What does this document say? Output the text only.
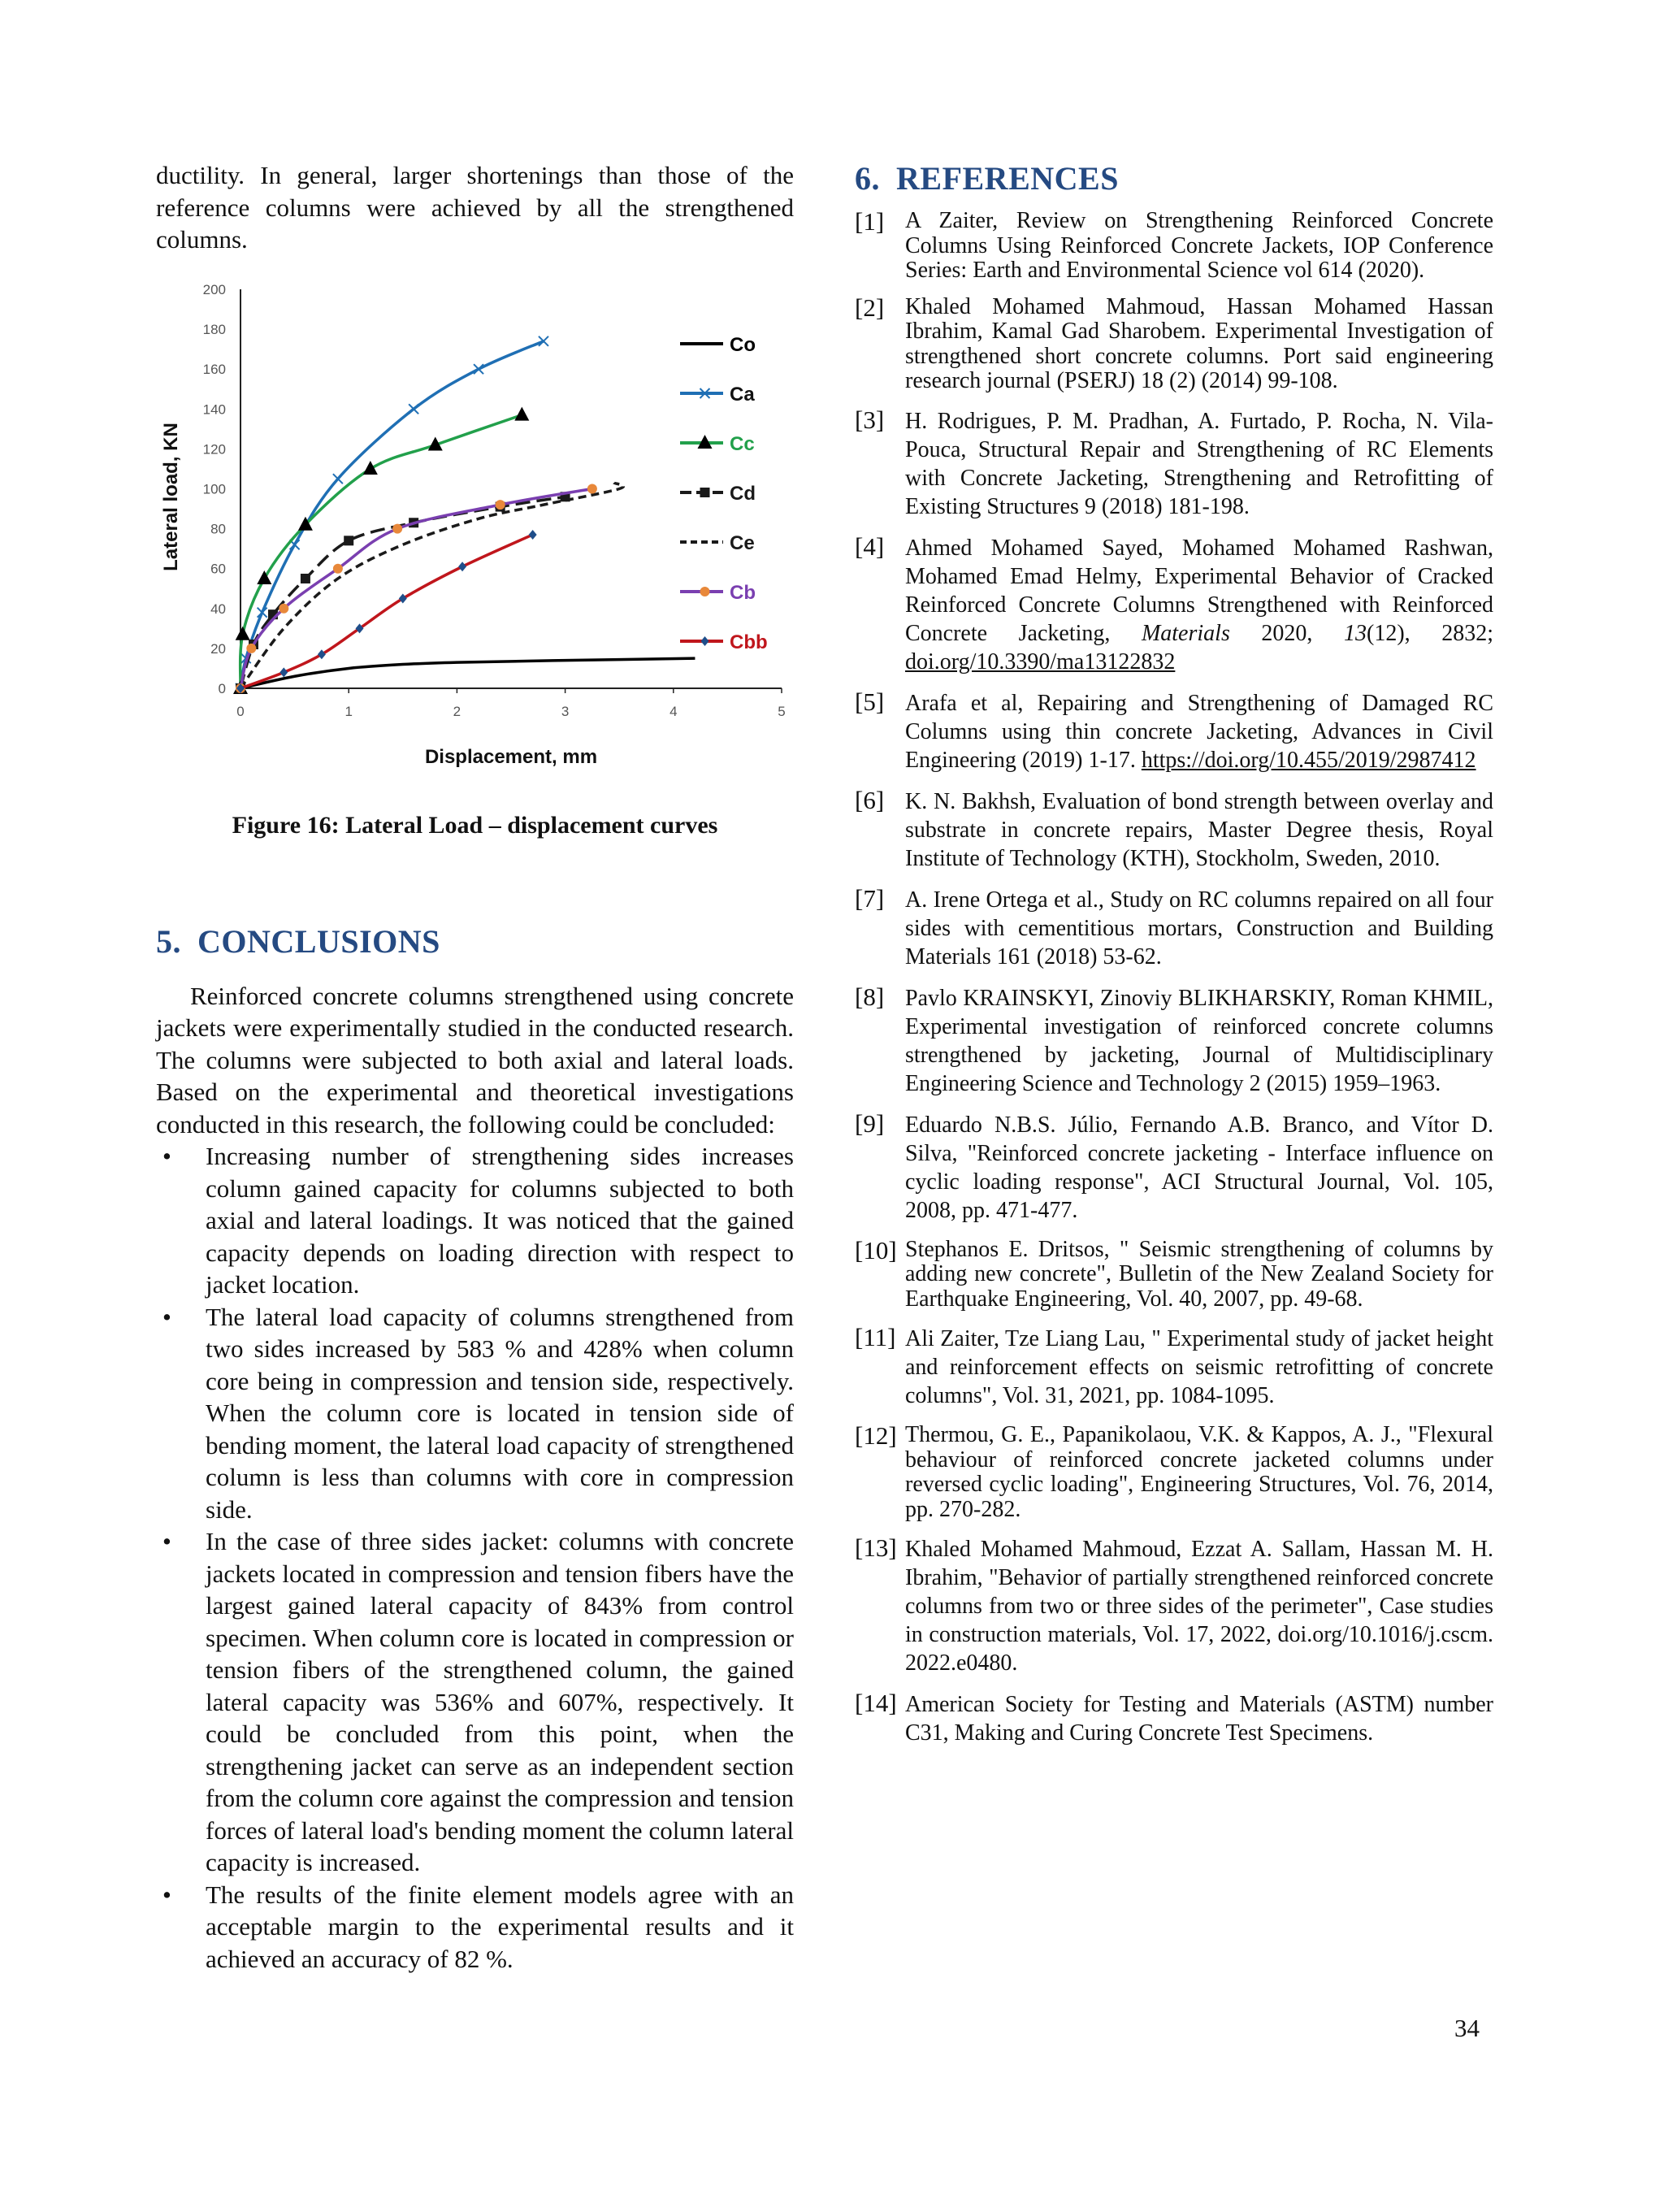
ductility. In general, larger shortenings than those of the reference columns were achieved by all the strengthened columns.

0
20
40
60
80
100
120
140
160
180
200
0	1	2	3	4	5
Displacement, mm
Lateral load, KN
Co
Ca
Cc
Cd
Ce
Cb
Cbb

Figure 16: Lateral Load – displacement curves

5. CONCLUSIONS

Reinforced concrete columns strengthened using concrete jackets were experimentally studied in the conducted research. The columns were subjected to both axial and lateral loads. Based on the experimental and theoretical investigations conducted in this research, the following could be concluded:

• Increasing number of strengthening sides increases column gained capacity for columns subjected to both axial and lateral loadings. It was noticed that the gained capacity depends on loading direction with respect to jacket location.
• The lateral load capacity of columns strengthened from two sides increased by 583 % and 428% when column core being in compression and tension side, respectively. When the column core is located in tension side of bending moment, the lateral load capacity of strengthened column is less than columns with core in compression side.
• In the case of three sides jacket: columns with concrete jackets located in compression and tension fibers have the largest gained lateral capacity of 843% from control specimen. When column core is located in compression or tension fibers of the strengthened column, the gained lateral capacity was 536% and 607%, respectively. It could be concluded from this point, when the strengthening jacket can serve as an independent section from the column core against the compression and tension forces of lateral load's bending moment the column lateral capacity is increased.
• The results of the finite element models agree with an acceptable margin to the experimental results and it achieved an accuracy of 82 %.
6. REFERENCES
[1] A Zaiter, Review on Strengthening Reinforced Concrete Columns Using Reinforced Concrete Jackets, IOP Conference Series: Earth and Environmental Science vol 614 (2020).
[2] Khaled Mohamed Mahmoud, Hassan Mohamed Hassan Ibrahim, Kamal Gad Sharobem. Experimental Investigation of strengthened short concrete columns. Port said engineering research journal (PSERJ) 18 (2) (2014) 99-108.
[3] H. Rodrigues, P. M. Pradhan, A. Furtado, P. Rocha, N. Vila-Pouca, Structural Repair and Strengthening of RC Elements with Concrete Jacketing, Strengthening and Retrofitting of Existing Structures 9 (2018) 181-198.
[4] Ahmed Mohamed Sayed, Mohamed Mohamed Rashwan, Mohamed Emad Helmy, Experimental Behavior of Cracked Reinforced Concrete Columns Strengthened with Reinforced Concrete Jacketing, Materials 2020, 13(12), 2832; doi.org/10.3390/ma13122832
[5] Arafa et al, Repairing and Strengthening of Damaged RC Columns using thin concrete Jacketing, Advances in Civil Engineering (2019) 1-17. https://doi.org/10.455/2019/2987412
[6] K. N. Bakhsh, Evaluation of bond strength between overlay and substrate in concrete repairs, Master Degree thesis, Royal Institute of Technology (KTH), Stockholm, Sweden, 2010.
[7] A. Irene Ortega et al., Study on RC columns repaired on all four sides with cementitious mortars, Construction and Building Materials 161 (2018) 53-62.
[8] Pavlo KRAINSKYI, Zinoviy BLIKHARSKIY, Roman KHMIL, Experimental investigation of reinforced concrete columns strengthened by jacketing, Journal of Multidisciplinary Engineering Science and Technology 2 (2015) 1959–1963.
[9] Eduardo N.B.S. Júlio, Fernando A.B. Branco, and Vítor D. Silva, "Reinforced concrete jacketing - Interface influence on cyclic loading response", ACI Structural Journal, Vol. 105, 2008, pp. 471-477.
[10] Stephanos E. Dritsos, " Seismic strengthening of columns by adding new concrete", Bulletin of the New Zealand Society for Earthquake Engineering, Vol. 40, 2007, pp. 49-68.
[11] Ali Zaiter, Tze Liang Lau, " Experimental study of jacket height and reinforcement effects on seismic retrofitting of concrete columns", Vol. 31, 2021, pp. 1084-1095.
[12] Thermou, G. E., Papanikolaou, V.K. & Kappos, A. J., "Flexural behaviour of reinforced concrete jacketed columns under reversed cyclic loading", Engineering Structures, Vol. 76, 2014, pp. 270-282.
[13] Khaled Mohamed Mahmoud, Ezzat A. Sallam, Hassan M. H. Ibrahim, "Behavior of partially strengthened reinforced concrete columns from two or three sides of the perimeter", Case studies in construction materials, Vol. 17, 2022, doi.org/10.1016/j.cscm. 2022.e0480.
[14] American Society for Testing and Materials (ASTM) number C31, Making and Curing Concrete Test Specimens.
34
